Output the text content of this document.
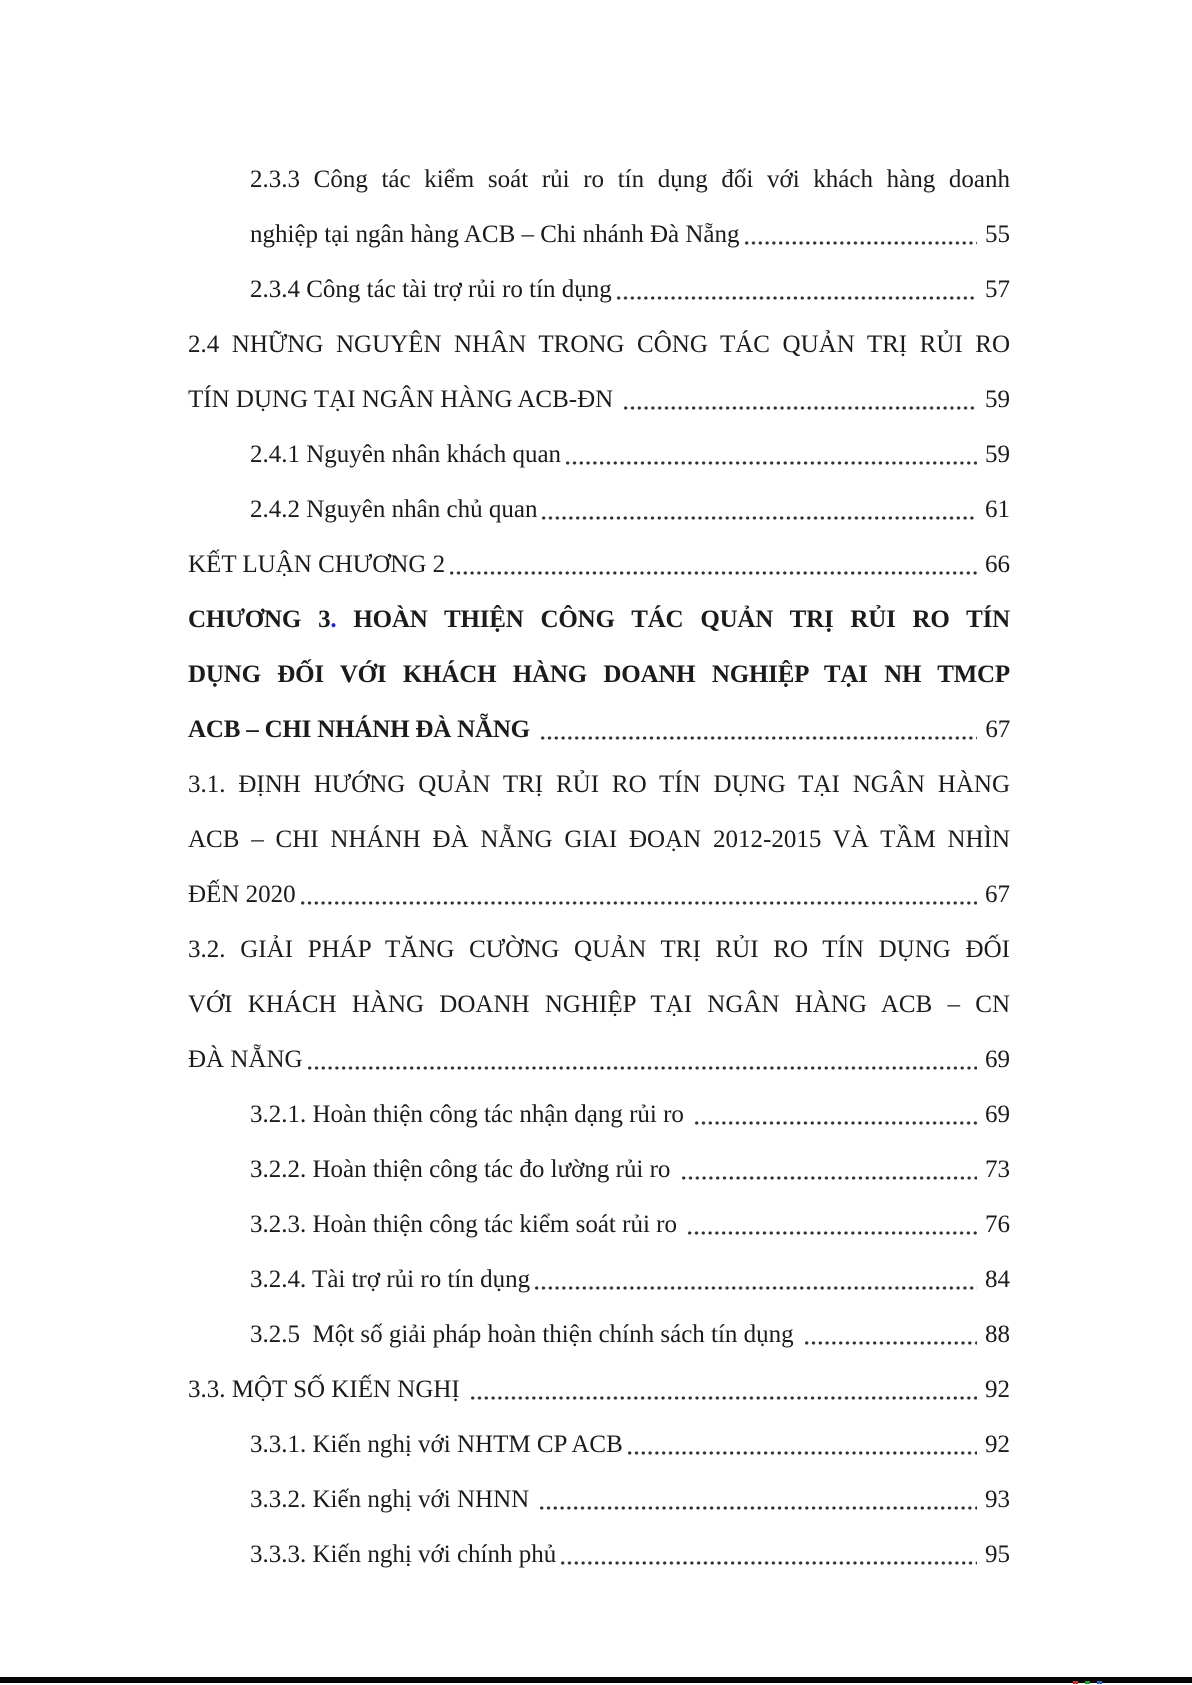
2.3.3 Công tác kiểm soát rủi ro tín dụng đối với khách hàng doanh
nghiệp tại ngân hàng ACB – Chi nhánh Đà Nẵng	55
2.3.4 Công tác tài trợ rủi ro tín dụng	57
2.4 NHỮNG NGUYÊN NHÂN TRONG CÔNG TÁC QUẢN TRỊ RỦI RO
TÍN DỤNG TẠI NGÂN HÀNG ACB-ĐN	59
2.4.1 Nguyên nhân khách quan	59
2.4.2 Nguyên nhân chủ quan	61
KẾT LUẬN CHƯƠNG 2	66
CHƯƠNG 3. HOÀN THIỆN CÔNG TÁC QUẢN TRỊ RỦI RO TÍN
DỤNG ĐỐI VỚI KHÁCH HÀNG DOANH NGHIỆP TẠI NH TMCP
ACB – CHI NHÁNH ĐÀ NẴNG	67
3.1. ĐỊNH HƯỚNG QUẢN TRỊ RỦI RO TÍN DỤNG TẠI NGÂN HÀNG
ACB – CHI NHÁNH ĐÀ NẴNG GIAI ĐOẠN 2012-2015 VÀ TẦM NHÌN
ĐẾN 2020	67
3.2. GIẢI PHÁP TĂNG CƯỜNG QUẢN TRỊ RỦI RO TÍN DỤNG ĐỐI
VỚI KHÁCH HÀNG DOANH NGHIỆP TẠI NGÂN HÀNG ACB – CN
ĐÀ NẴNG	69
3.2.1. Hoàn thiện công tác nhận dạng rủi ro	69
3.2.2. Hoàn thiện công tác đo lường rủi ro	73
3.2.3. Hoàn thiện công tác kiểm soát rủi ro	76
3.2.4. Tài trợ rủi ro tín dụng	84
3.2.5  Một số giải pháp hoàn thiện chính sách tín dụng	88
3.3. MỘT SỐ KIẾN NGHỊ	92
3.3.1. Kiến nghị với NHTM CP ACB	92
3.3.2. Kiến nghị với NHNN	93
3.3.3. Kiến nghị với chính phủ	95
